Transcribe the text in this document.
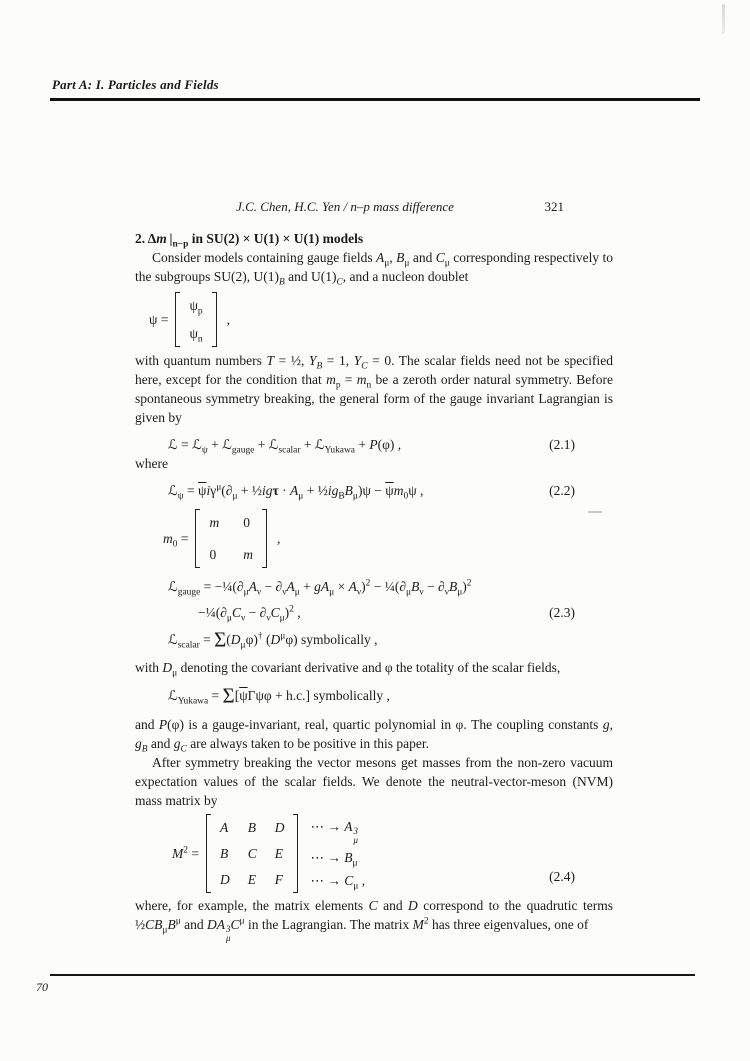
Part A: I. Particles and Fields
J.C. Chen, H.C. Yen / n–p mass difference	321
2. Δm $|_{n-p}$ in SU(2) × U(1) × U(1) models

Consider models containing gauge fields $A_\mu$, $B_\mu$ and $C_\mu$ corresponding respectively to the subgroups SU(2), $U(1)_B$ and $U(1)_C$, and a nucleon doublet

ψ =
$\psi_p$
$\psi_n$
,

with quantum numbers T = ½, $Y_B = 1$, $Y_C = 0$. The scalar fields need not be specified here, except for the condition that $m_p = m_n$ be a zeroth order natural symmetry. Before spontaneous symmetry breaking, the general form of the gauge invariant Lagrangian is given by

ℒ = ℒ$_\psi$ + ℒ$_{gauge}$ + ℒ$_{scalar}$ + ℒ$_{Yukawa}$ + P(φ) ,	(2.1)

where

ℒ$_\psi$ = $\overline{\psi}i\gamma^\mu(\partial_\mu$ + ½igτ · $A_\mu$ + $\frac{1}{2}ig_BB_\mu)\psi - \overline{\psi}m_0\psi$ ,	(2.2)
$m_0$ =
m 0
0 m
,
ℒ$_{gauge}$ = $-\frac{1}{4}(\partial_\mu A_\nu - \partial_\nu A_\mu + gA_\mu \times A_\nu)^2$ − $\frac{1}{4}(\partial_\mu B_\nu - \partial_\nu B_\mu)^2$
$-\frac{1}{4}(\partial_\mu C_\nu - \partial_\nu C_\mu)^2$ ,	(2.3)
ℒ$_{scalar}$ = $\Sigma(D_\mu\varphi)^\dagger$ $(D^\mu\varphi)$ symbolically ,

with $D_\mu$ denoting the covariant derivative and φ the totality of the scalar fields,

ℒ$_{Yukawa}$ = $\Sigma[\overline{\psi}\Gamma\psi\varphi + h.c.]$ symbolically ,

and P(φ) is a gauge-invariant, real, quartic polynomial in φ. The coupling constants g, $g_B$ and $g_C$ are always taken to be positive in this paper.

After symmetry breaking the vector mesons get masses from the non-zero vacuum expectation values of the scalar fields. We denote the neutral-vector-meson (NVM) mass matrix by

$M^2$ =
A B D
B C E
D E F
⋯ → A 3
μ
⋯ → $B_\mu$
⋯ → $C_\mu$ ,	(2.4)

where, for example, the matrix elements C and D correspond to the quadrutic terms $\frac{1}{2}CB_\mu B^\mu$ and DA 3
μ
$C^\mu$ in the Lagrangian. The matrix $M^2$ has three eigenvalues, one of

70
